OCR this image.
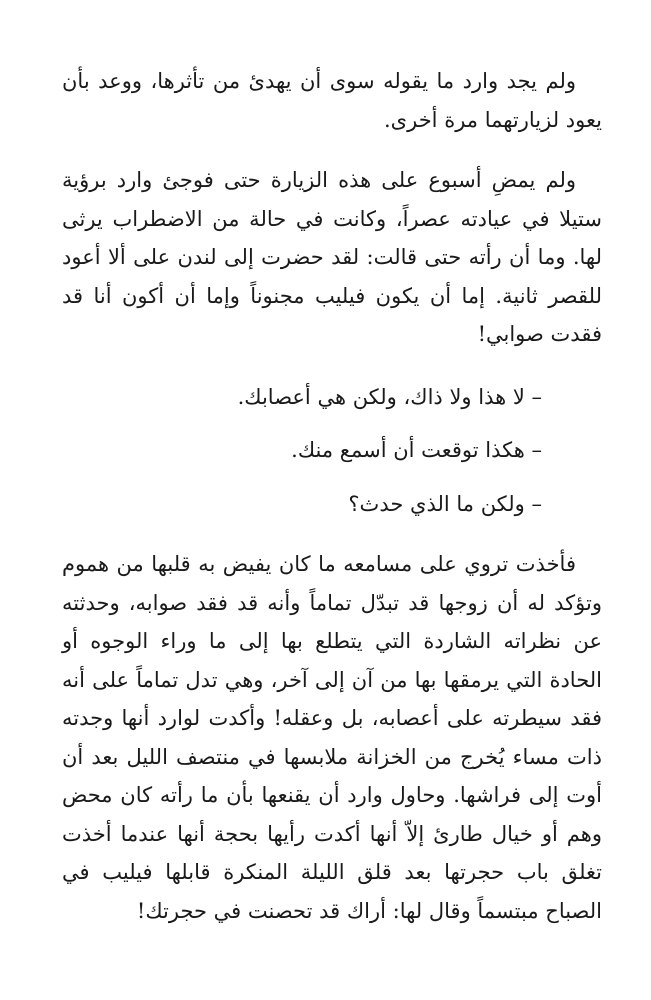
ولم يجد وارد ما يقوله سوى أن يهدئ من تأثرها، ووعد بأن يعود لزيارتهما مرة أخرى.

ولم يمضِ أسبوع على هذه الزيارة حتى فوجئ وارد برؤية ستيلا في عيادته عصراً، وكانت في حالة من الاضطراب يرثى لها. وما أن رأته حتى قالت: لقد حضرت إلى لندن على ألا أعود للقصر ثانية. إما أن يكون فيليب مجنوناً وإما أن أكون أنا قد فقدت صوابي!

– لا هذا ولا ذاك، ولكن هي أعصابك.

– هكذا توقعت أن أسمع منك.

– ولكن ما الذي حدث؟

فأخذت تروي على مسامعه ما كان يفيض به قلبها من هموم وتؤكد له أن زوجها قد تبدّل تماماً وأنه قد فقد صوابه، وحدثته عن نظراته الشاردة التي يتطلع بها إلى ما وراء الوجوه أو الحادة التي يرمقها بها من آن إلى آخر، وهي تدل تماماً على أنه فقد سيطرته على أعصابه، بل وعقله! وأكدت لوارد أنها وجدته ذات مساء يُخرج من الخزانة ملابسها في منتصف الليل بعد أن أوت إلى فراشها. وحاول وارد أن يقنعها بأن ما رأته كان محض وهم أو خيال طارئ إلاّ أنها أكدت رأيها بحجة أنها عندما أخذت تغلق باب حجرتها بعد قلق الليلة المنكرة قابلها فيليب في الصباح مبتسماً وقال لها: أراك قد تحصنت في حجرتك!
